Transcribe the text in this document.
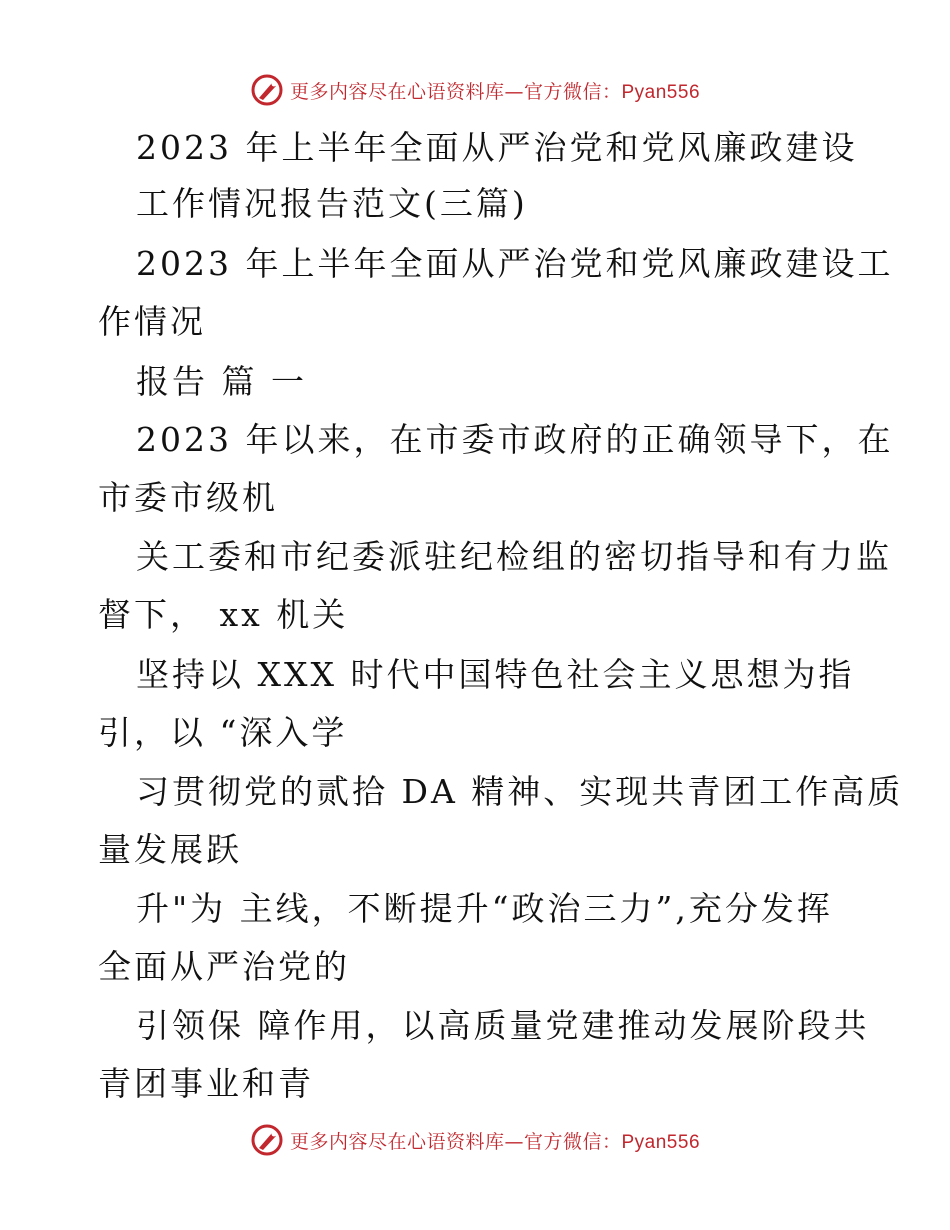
更多内容尽在心语资料库—官方微信：Pyan556
2023 年上半年全面从严治党和党风廉政建设
工作情况报告范文(三篇)
2023 年上半年全面从严治党和党风廉政建设工
作情况
报告 篇 一
2023 年以来，在市委市政府的正确领导下，在
市委市级机
关工委和市纪委派驻纪检组的密切指导和有力监
督下， xx 机关
坚持以 XXX 时代中国特色社会主义思想为指
引，以 “深入学
习贯彻党的贰拾 DA 精神、实现共青团工作高质
量发展跃
升"为 主线，不断提升“政治三力”,充分发挥
全面从严治党的
引领保 障作用，以高质量党建推动发展阶段共
青团事业和青
更多内容尽在心语资料库—官方微信：Pyan556
